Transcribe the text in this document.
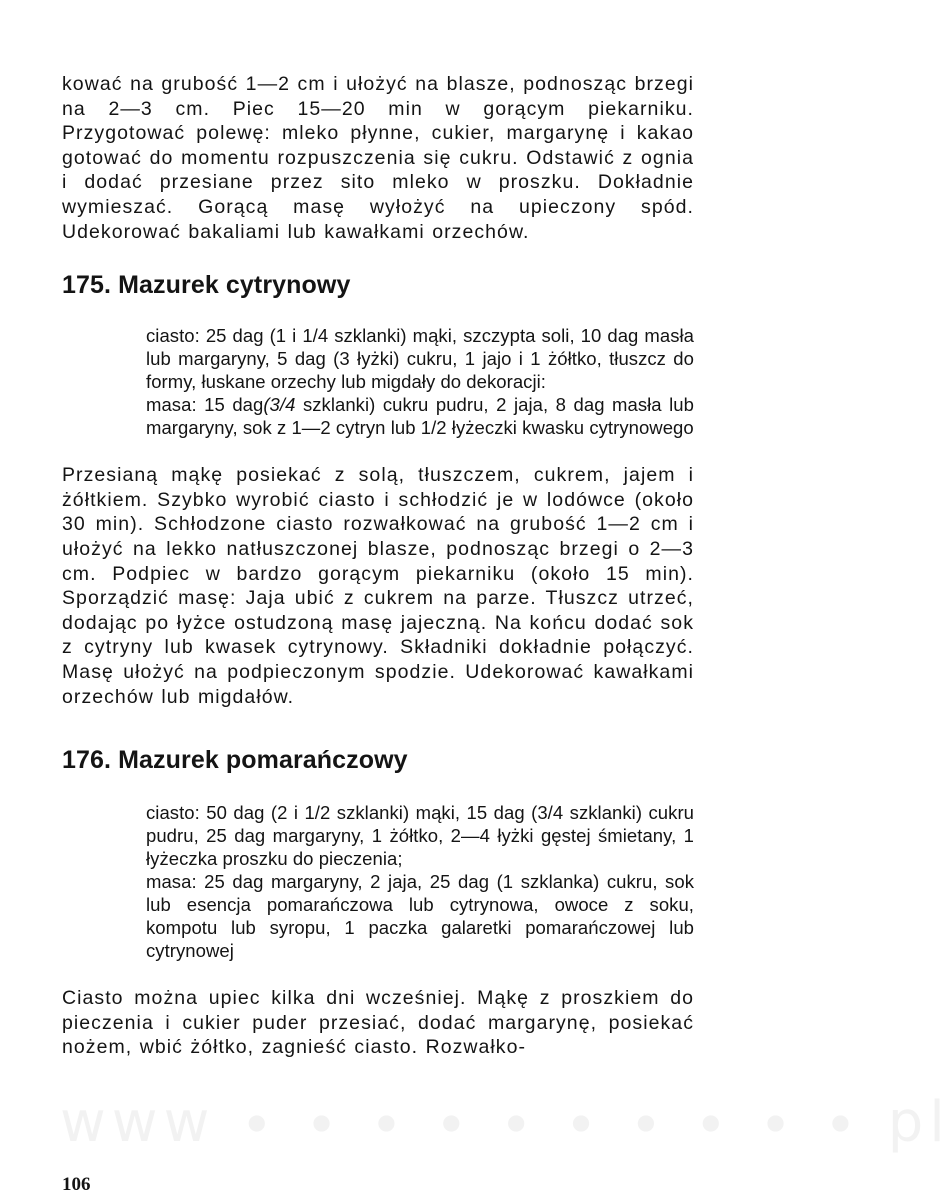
kować na grubość 1—2 cm i ułożyć na blasze, podnosząc brzegi na 2—3 cm. Piec 15—20 min w gorącym piekarniku. Przygotować polewę: mleko płynne, cukier, margarynę i kakao gotować do momentu rozpuszczenia się cukru. Odstawić z ognia i dodać przesiane przez sito mleko w proszku. Dokładnie wymieszać. Gorącą masę wyłożyć na upieczony spód. Udekorować bakaliami lub kawałkami orzechów.

175. Mazurek cytrynowy

ciasto: 25 dag (1 i 1/4 szklanki) mąki, szczypta soli, 10 dag masła lub margaryny, 5 dag (3 łyżki) cukru, 1 jajo i 1 żółtko, tłuszcz do formy, łuskane orzechy lub migdały do dekoracji:

masa: 15 dag(3/4 szklanki) cukru pudru, 2 jaja, 8 dag masła lub margaryny, sok z 1—2 cytryn lub 1/2 łyżeczki kwasku cytrynowego

Przesianą mąkę posiekać z solą, tłuszczem, cukrem, jajem i żółtkiem. Szybko wyrobić ciasto i schłodzić je w lodówce (około 30 min). Schłodzone ciasto rozwałkować na grubość 1—2 cm i ułożyć na lekko natłuszczonej blasze, podnosząc brzegi o 2—3 cm. Podpiec w bardzo gorącym piekarniku (około 15 min). Sporządzić masę: Jaja ubić z cukrem na parze. Tłuszcz utrzeć, dodając po łyżce ostudzoną masę jajeczną. Na końcu dodać sok z cytryny lub kwasek cytrynowy. Składniki dokładnie połączyć. Masę ułożyć na podpieczonym spodzie. Udekorować kawałkami orzechów lub migdałów.

176. Mazurek pomarańczowy

ciasto: 50 dag (2 i 1/2 szklanki) mąki, 15 dag (3/4 szklanki) cukru pudru, 25 dag margaryny, 1 żółtko, 2—4 łyżki gęstej śmietany, 1 łyżeczka proszku do pieczenia;

masa: 25 dag margaryny, 2 jaja, 25 dag (1 szklanka) cukru, sok lub esencja pomarańczowa lub cytrynowa, owoce z soku, kompotu lub syropu, 1 paczka galaretki pomarańczowej lub cytrynowej

Ciasto można upiec kilka dni wcześniej. Mąkę z proszkiem do pieczenia i cukier puder przesiać, dodać margarynę, posiekać nożem, wbić żółtko, zagnieść ciasto. Rozwałko-

www ∙ ∙ ∙ ∙ ∙ ∙ ∙ ∙ ∙ ∙ pl
106
